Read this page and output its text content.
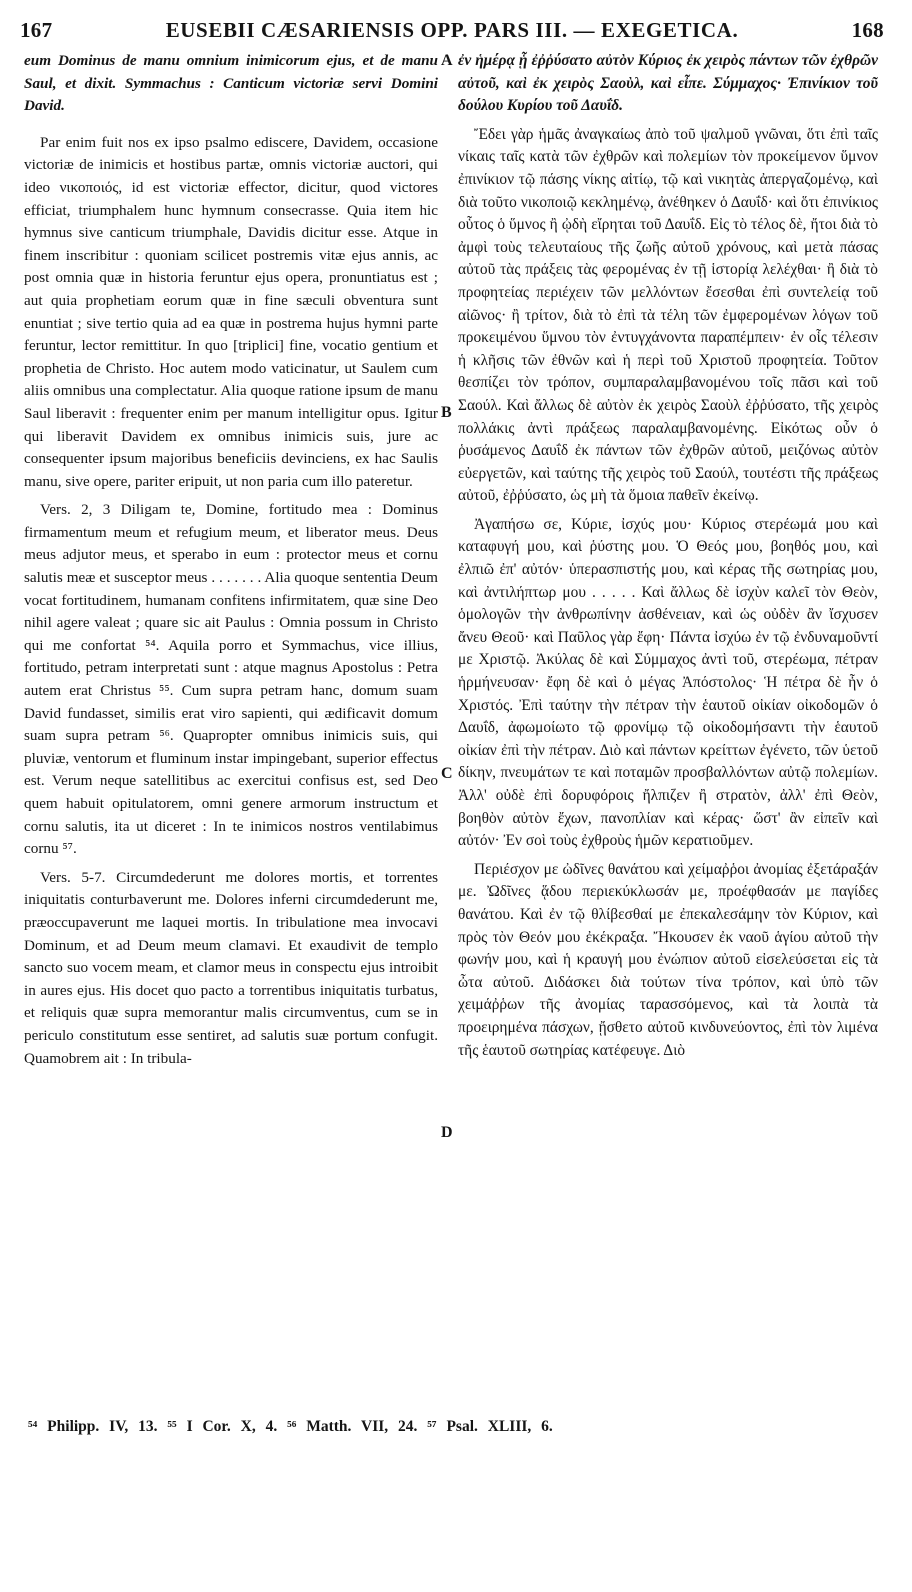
167	EUSEBII CÆSARIENSIS OPP. PARS III. — EXEGETICA.	168

eum Dominus de manu omnium inimicorum ejus, et de manu Saul, et dixit. Symmachus : Canticum victoriæ servi Domini David.

Par enim fuit nos ex ipso psalmo ediscere, Davidem, occasione victoriæ de inimicis et hostibus partæ, omnis victoriæ auctori, qui ideo νικοποιός, id est victoriæ effector, dicitur, quod victores efficiat, triumphalem hunc hymnum consecrasse. Quia item hic hymnus sive canticum triumphale, Davidis dicitur esse. Atque in finem inscribitur : quoniam scilicet postremis vitæ ejus annis, ac post omnia quæ in historia feruntur ejus opera, pronuntiatus est ; aut quia prophetiam eorum quæ in fine sæculi obventura sunt enuntiat ; sive tertio quia ad ea quæ in postrema hujus hymni parte feruntur, lector remittitur. In quo [triplici] fine, vocatio gentium et prophetia de Christo. Hoc autem modo vaticinatur, ut Saulem cum aliis omnibus una complectatur. Alia quoque ratione ipsum de manu Saul liberavit : frequenter enim per manum intelligitur opus. Igitur qui liberavit Davidem ex omnibus inimicis suis, jure ac consequenter ipsum majoribus beneficiis devinciens, ex hac Saulis manu, sive opere, pariter eripuit, ut non paria cum illo pateretur.

Vers. 2, 3 Diligam te, Domine, fortitudo mea : Dominus firmamentum meum et refugium meum, et liberator meus. Deus meus adjutor meus, et sperabo in eum : protector meus et cornu salutis meæ et susceptor meus . . . . . . . Alia quoque sententia Deum vocat fortitudinem, humanam confitens infirmitatem, quæ sine Deo nihil agere valeat ; quare sic ait Paulus : Omnia possum in Christo qui me confortat ⁵⁴. Aquila porro et Symmachus, vice illius, fortitudo, petram interpretati sunt : atque magnus Apostolus : Petra autem erat Christus ⁵⁵. Cum supra petram hanc, domum suam David fundasset, similis erat viro sapienti, qui ædificavit domum suam supra petram ⁵⁶. Quapropter omnibus inimicis suis, qui pluviæ, ventorum et fluminum instar impingebant, superior effectus est. Verum neque satellitibus ac exercitui confisus est, sed Deo quem habuit opitulatorem, omni genere armorum instructum et cornu salutis, ita ut diceret : In te inimicos nostros ventilabimus cornu ⁵⁷.

Vers. 5-7. Circumdederunt me dolores mortis, et torrentes iniquitatis conturbaverunt me. Dolores inferni circumdederunt me, præoccupaverunt me laquei mortis. In tribulatione mea invocavi Dominum, et ad Deum meum clamavi. Et exaudivit de templo sancto suo vocem meam, et clamor meus in conspectu ejus introibit in aures ejus. His docet quo pacto a torrentibus iniquitatis turbatus, et reliquis quæ supra memorantur malis circumventus, cum se in periculo constitutum esse sentiret, ad salutis suæ portum confugit. Quamobrem ait : In tribula-

A
B
C
D

ἐν ἡμέρᾳ ᾗ ἐῤῥύσατο αὐτὸν Κύριος ἐκ χειρὸς πάντων τῶν ἐχθρῶν αὐτοῦ, καὶ ἐκ χειρὸς Σαοὺλ, καὶ εἶπε. Σύμμαχος· Ἐπινίκιον τοῦ δούλου Κυρίου τοῦ Δαυΐδ.

Ἔδει γὰρ ἡμᾶς ἀναγκαίως ἀπὸ τοῦ ψαλμοῦ γνῶναι, ὅτι ἐπὶ ταῖς νίκαις ταῖς κατὰ τῶν ἐχθρῶν καὶ πολεμίων τὸν προκείμενον ὕμνον ἐπινίκιον τῷ πάσης νίκης αἰτίῳ, τῷ καὶ νικητὰς ἀπεργαζομένῳ, καὶ διὰ τοῦτο νικοποιῷ κεκλημένῳ, ἀνέθηκεν ὁ Δαυΐδ· καὶ ὅτι ἐπινίκιος οὗτος ὁ ὕμνος ἢ ᾠδὴ εἴρηται τοῦ Δαυΐδ. Εἰς τὸ τέλος δὲ, ἤτοι διὰ τὸ ἀμφὶ τοὺς τελευταίους τῆς ζωῆς αὐτοῦ χρόνους, καὶ μετὰ πάσας αὐτοῦ τὰς πράξεις τὰς φερομένας ἐν τῇ ἱστορίᾳ λελέχθαι· ἢ διὰ τὸ προφητείας περιέχειν τῶν μελλόντων ἔσεσθαι ἐπὶ συντελείᾳ τοῦ αἰῶνος· ἢ τρίτον, διὰ τὸ ἐπὶ τὰ τέλη τῶν ἐμφερομένων λόγων τοῦ προκειμένου ὕμνου τὸν ἐντυγχάνοντα παραπέμπειν· ἐν οἷς τέλεσιν ἡ κλῆσις τῶν ἐθνῶν καὶ ἡ περὶ τοῦ Χριστοῦ προφητεία. Τοῦτον θεσπίζει τὸν τρόπον, συμπαραλαμβανομένου τοῖς πᾶσι καὶ τοῦ Σαούλ. Καὶ ἄλλως δὲ αὐτὸν ἐκ χειρὸς Σαοὺλ ἐῤῥύσατο, τῆς χειρὸς πολλάκις ἀντὶ πράξεως παραλαμβανομένης. Εἰκότως οὖν ὁ ῥυσάμενος Δαυΐδ ἐκ πάντων τῶν ἐχθρῶν αὐτοῦ, μειζόνως αὐτὸν εὐεργετῶν, καὶ ταύτης τῆς χειρὸς τοῦ Σαούλ, τουτέστι τῆς πράξεως αὐτοῦ, ἐῤῥύσατο, ὡς μὴ τὰ ὅμοια παθεῖν ἐκείνῳ.

Ἀγαπήσω σε, Κύριε, ἰσχύς μου· Κύριος στερέωμά μου καὶ καταφυγή μου, καὶ ῥύστης μου. Ὁ Θεός μου, βοηθός μου, καὶ ἐλπιῶ ἐπ' αὐτόν· ὑπερασπιστής μου, καὶ κέρας τῆς σωτηρίας μου, καὶ ἀντιλήπτωρ μου . . . . . Καὶ ἄλλως δὲ ἰσχὺν καλεῖ τὸν Θεὸν, ὁμολογῶν τὴν ἀνθρωπίνην ἀσθένειαν, καὶ ὡς οὐδὲν ἂν ἴσχυσεν ἄνευ Θεοῦ· καὶ Παῦλος γὰρ ἔφη· Πάντα ἰσχύω ἐν τῷ ἐνδυναμοῦντί με Χριστῷ. Ἀκύλας δὲ καὶ Σύμμαχος ἀντὶ τοῦ, στερέωμα, πέτραν ἡρμήνευσαν· ἔφη δὲ καὶ ὁ μέγας Ἀπόστολος· Ἡ πέτρα δὲ ἦν ὁ Χριστός. Ἐπὶ ταύτην τὴν πέτραν τὴν ἑαυτοῦ οἰκίαν οἰκοδομῶν ὁ Δαυΐδ, ἀφωμοίωτο τῷ φρονίμῳ τῷ οἰκοδομήσαντι τὴν ἑαυτοῦ οἰκίαν ἐπὶ τὴν πέτραν. Διὸ καὶ πάντων κρείττων ἐγένετο, τῶν ὑετοῦ δίκην, πνευμάτων τε καὶ ποταμῶν προσβαλλόντων αὐτῷ πολεμίων. Ἀλλ' οὐδὲ ἐπὶ δορυφόροις ἤλπιζεν ἢ στρατὸν, ἀλλ' ἐπὶ Θεὸν, βοηθὸν αὐτὸν ἔχων, πανοπλίαν καὶ κέρας· ὥστ' ἂν εἰπεῖν καὶ αὐτόν· Ἐν σοὶ τοὺς ἐχθροὺς ἡμῶν κερατιοῦμεν.

Περιέσχον με ὠδῖνες θανάτου καὶ χείμαῤῥοι ἀνομίας ἐξετάραξάν με. Ὠδῖνες ᾅδου περιεκύκλωσάν με, προέφθασάν με παγίδες θανάτου. Καὶ ἐν τῷ θλίβεσθαί με ἐπεκαλεσάμην τὸν Κύριον, καὶ πρὸς τὸν Θεόν μου ἐκέκραξα. Ἤκουσεν ἐκ ναοῦ ἁγίου αὐτοῦ τὴν φωνήν μου, καὶ ἡ κραυγή μου ἐνώπιον αὐτοῦ εἰσελεύσεται εἰς τὰ ὦτα αὐτοῦ. Διδάσκει διὰ τούτων τίνα τρόπον, καὶ ὑπὸ τῶν χειμάῤῥων τῆς ἀνομίας ταρασσόμενος, καὶ τὰ λοιπὰ τὰ προειρημένα πάσχων, ᾔσθετο αὐτοῦ κινδυνεύοντος, ἐπὶ τὸν λιμένα τῆς ἑαυτοῦ σωτηρίας κατέφευγε. Διὸ

⁵⁴ Philipp. IV, 13. ⁵⁵ I Cor. X, 4. ⁵⁶ Matth. VII, 24. ⁵⁷ Psal. XLIII, 6.
